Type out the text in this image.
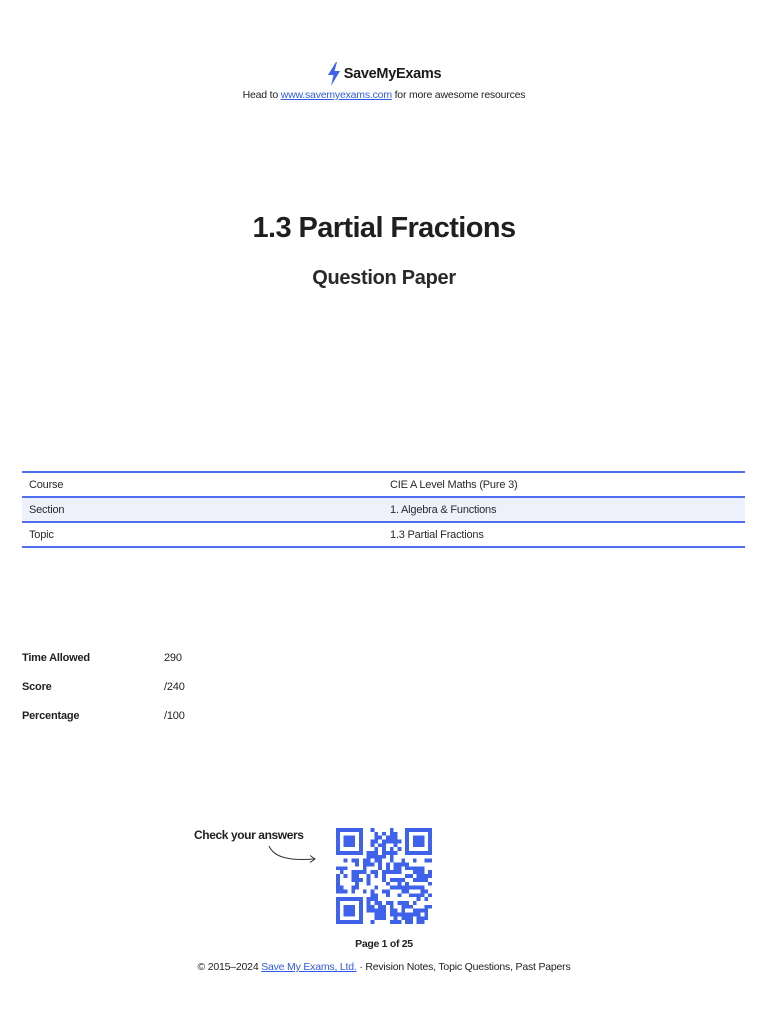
SaveMyExams
Head to www.savemyexams.com for more awesome resources
1.3 Partial Fractions
Question Paper
Course	CIE A Level Maths (Pure 3)
Section	1. Algebra & Functions
Topic	1.3 Partial Fractions
Time Allowed	290
Score	/240
Percentage	/100
Check your answers
Page 1 of 25
© 2015–2024 Save My Exams, Ltd. · Revision Notes, Topic Questions, Past Papers
